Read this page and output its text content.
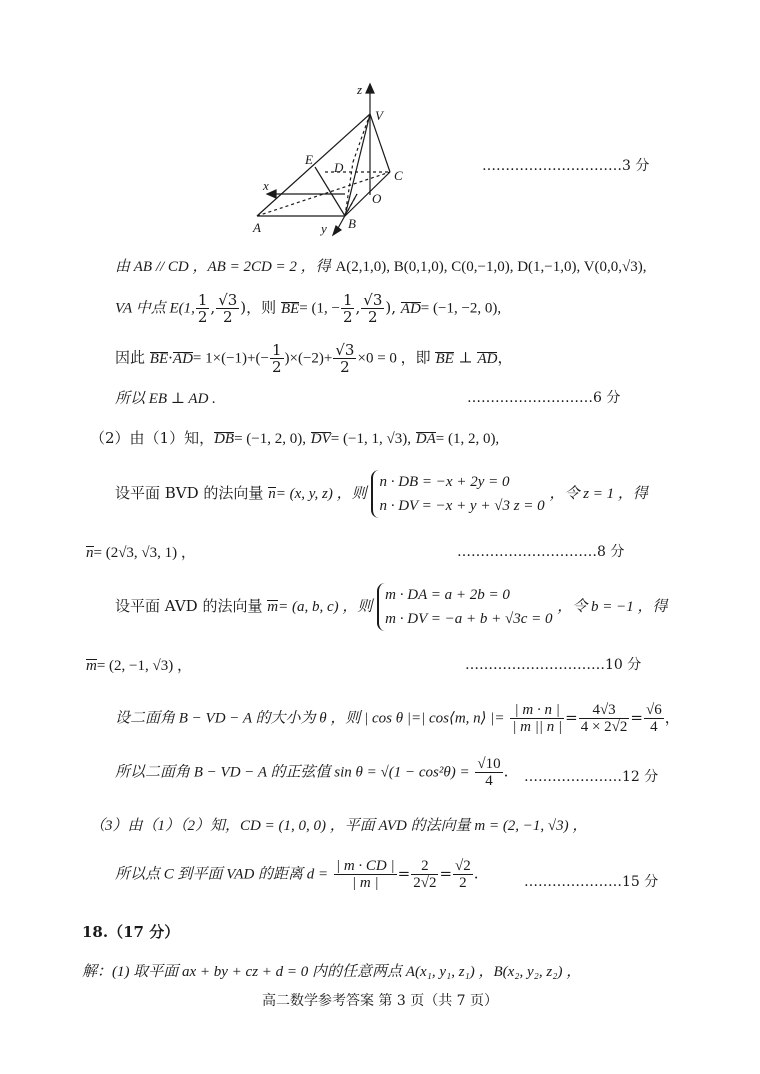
z
V
E
D
C
x
O
A	y B
…………………………3 分
由 AB // CD ，AB = 2CD = 2 ，得 A(2,1,0), B(0,1,0), C(0,−1,0), D(1,−1,0), V(0,0,√3),
VA 中点 E(1, $\frac{1}{2}$ , $\frac{√3}{2}$ )，则 BE= (1, − $\frac{1}{2}$ , $\frac{√3}{2}$ ), AD= (−1, −2, 0),
因此 $BE\cdot AD= 1\times(-1)+(- \frac{1}{2} )\times(-2)+ \frac{√3}{2} \times 0 = 0$ ，即 BE ⊥ AD，
所以 EB ⊥ AD .	………………………6 分
（2）由（1）知，DB= (−1, 2, 0), DV= (−1, 1, √3), DA= (1, 2, 0),
设平面 BVD 的法向量 n= (x, y, z) ，则
n · DB = −x + 2y = 0
n · DV = −x + y + √3 z = 0
，令 z = 1 ，得
n= (2√3, √3, 1) ，	…………………………8 分
设平面 AVD 的法向量 m= (a, b, c) ，则
m · DA = a + 2b = 0
m · DV = −a + b + √3c = 0
，令 b = −1 ，得
m= (2, −1, √3) ，	…………………………10 分
设二面角 B − VD − A 的大小为 θ ，则 | cos θ |=| cos⟨m, n⟩ |= $\frac{| m \cdot n |}{| m || n |} = \frac{4√3}{4 \times 2√2} = \frac{√6}{4}$ ，
所以二面角 B − VD − A 的正弦值 $\sin \theta = √(1 - \cos^2\theta) = \frac{√10}{4}$ . …………………12 分
（3）由（1）（2）知，CD = (1, 0, 0) ，平面 AVD 的法向量 m = (2, −1, √3) ，
所以点 C 到平面 VAD 的距离 $d = \frac{| m \cdot CD |}{| m |} = \frac{2}{2√2} = \frac{√2}{2}$ .	…………………15 分
18.（17 分）
解：(1) 取平面 ax + by + cz + d = 0 内的任意两点 A(x₁, y₁, z₁) ，B(x₂, y₂, z₂) ，
高二数学参考答案 第 3 页（共 7 页）
